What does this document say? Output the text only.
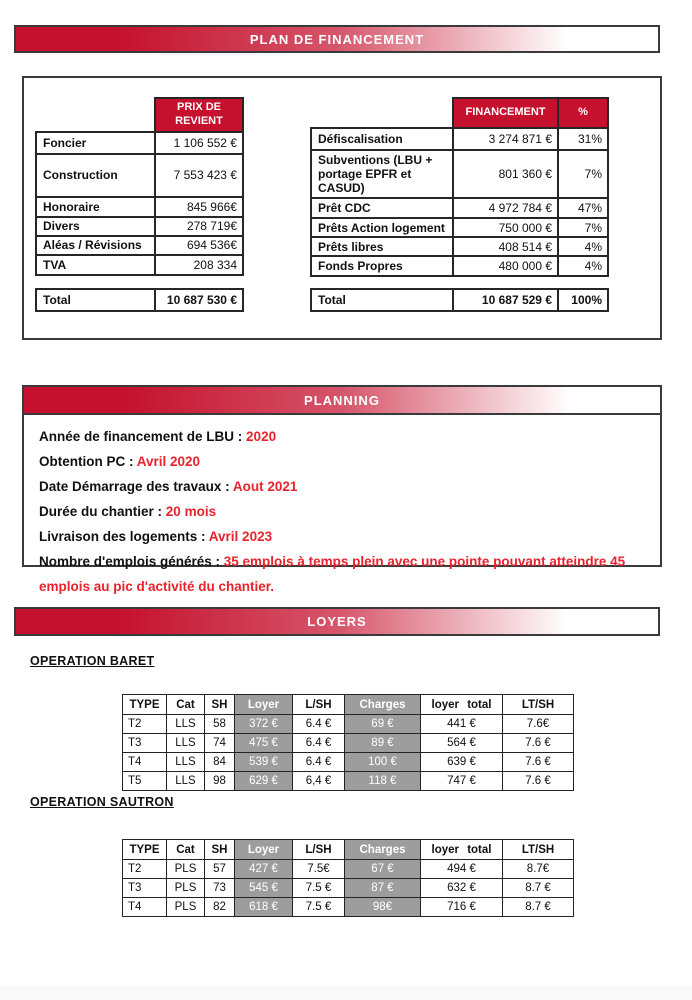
PLAN DE FINANCEMENT
	PRIX DE REVIENT
Foncier	1 106 552 €
Construction	7 553 423 €
Honoraire	845 966€
Divers	278 719€
Aléas / Révisions	694 536€
TVA	208 334
Total	10 687 530 €
	FINANCEMENT	%
Défiscalisation	3 274 871 €	31%
Subventions (LBU + portage EPFR et CASUD)	801 360 €	7%
Prêt CDC	4 972 784 €	47%
Prêts Action logement	750 000 €	7%
Prêts libres	408 514 €	4%
Fonds Propres	480 000 €	4%
Total	10 687 529 €	100%
PLANNING
Année de financement de LBU : 2020
Obtention PC : Avril 2020
Date Démarrage des travaux : Aout 2021
Durée du chantier : 20 mois
Livraison des logements : Avril 2023
Nombre d'emplois générés : 35 emplois à temps plein avec une pointe pouvant atteindre 45 emplois au pic d'activité du chantier.
LOYERS
OPERATION BARET
TYPE	Cat	SH	Loyer	L/SH	Charges	loyer total	LT/SH
T2	LLS	58	372 €	6.4 €	69 €	441 €	7.6€
T3	LLS	74	475 €	6.4 €	89 €	564 €	7.6 €
T4	LLS	84	539 €	6.4 €	100 €	639 €	7.6 €
T5	LLS	98	629 €	6,4 €	118 €	747 €	7.6 €
OPERATION SAUTRON
TYPE	Cat	SH	Loyer	L/SH	Charges	loyer total	LT/SH
T2	PLS	57	427 €	7.5€	67 €	494 €	8.7€
T3	PLS	73	545 €	7.5 €	87 €	632 €	8.7 €
T4	PLS	82	618 €	7.5 €	98€	716 €	8.7 €
